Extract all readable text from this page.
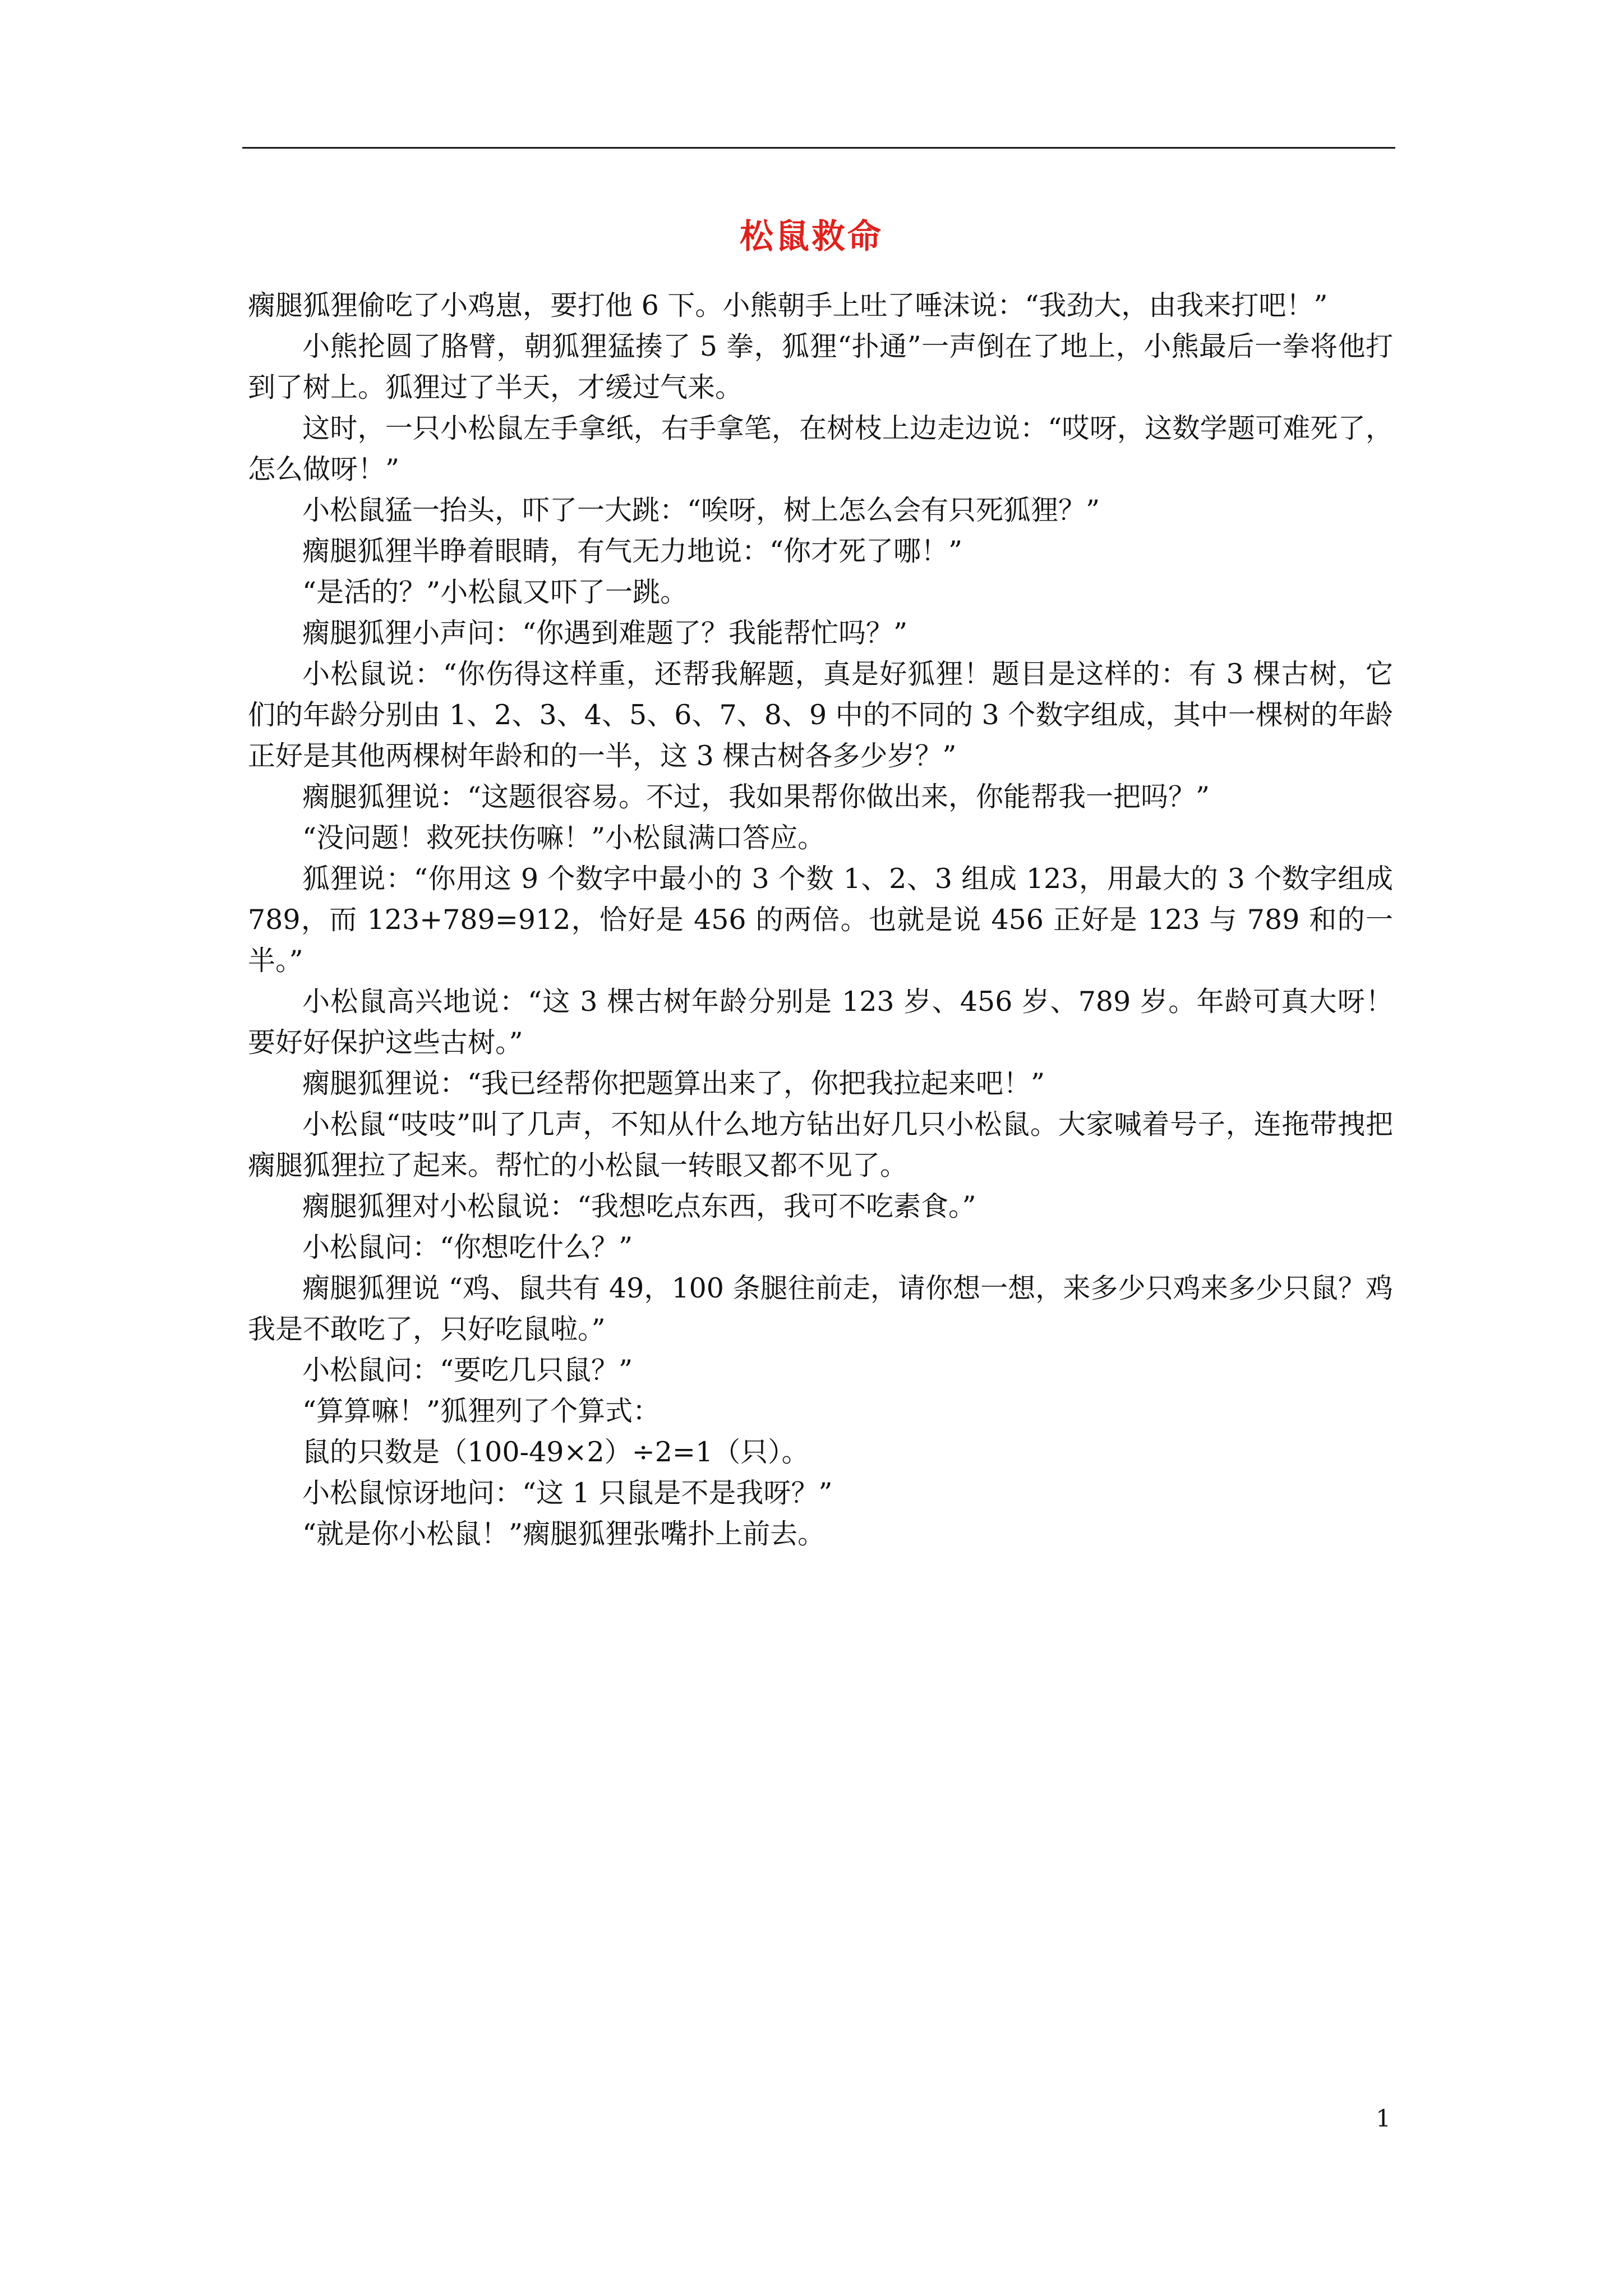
松鼠救命

瘸腿狐狸偷吃了小鸡崽，要打他 6 下。小熊朝手上吐了唾沫说：“我劲大，由我来打吧！”

小熊抡圆了胳臂，朝狐狸猛揍了 5 拳，狐狸“扑通”一声倒在了地上，小熊最后一拳将他打到了树上。狐狸过了半天，才缓过气来。

这时，一只小松鼠左手拿纸，右手拿笔，在树枝上边走边说：“哎呀，这数学题可难死了，怎么做呀！”

小松鼠猛一抬头，吓了一大跳：“唉呀，树上怎么会有只死狐狸？”

瘸腿狐狸半睁着眼睛，有气无力地说：“你才死了哪！”

“是活的？”小松鼠又吓了一跳。

瘸腿狐狸小声问：“你遇到难题了？我能帮忙吗？”

小松鼠说：“你伤得这样重，还帮我解题，真是好狐狸！题目是这样的：有 3 棵古树，它们的年龄分别由 1、2、3、4、5、6、7、8、9 中的不同的 3 个数字组成，其中一棵树的年龄正好是其他两棵树年龄和的一半，这 3 棵古树各多少岁？”

瘸腿狐狸说：“这题很容易。不过，我如果帮你做出来，你能帮我一把吗？”

“没问题！救死扶伤嘛！”小松鼠满口答应。

狐狸说：“你用这 9 个数字中最小的 3 个数 1、2、3 组成 123，用最大的 3 个数字组成 789，而 123+789=912，恰好是 456 的两倍。也就是说 456 正好是 123 与 789 和的一半。”

小松鼠高兴地说：“这 3 棵古树年龄分别是 123 岁、456 岁、789 岁。年龄可真大呀！要好好保护这些古树。”

瘸腿狐狸说：“我已经帮你把题算出来了，你把我拉起来吧！”

小松鼠“吱吱”叫了几声，不知从什么地方钻出好几只小松鼠。大家喊着号子，连拖带拽把瘸腿狐狸拉了起来。帮忙的小松鼠一转眼又都不见了。

瘸腿狐狸对小松鼠说：“我想吃点东西，我可不吃素食。”

小松鼠问：“你想吃什么？”

瘸腿狐狸说 “鸡、鼠共有 49，100 条腿往前走，请你想一想，来多少只鸡来多少只鼠？鸡我是不敢吃了，只好吃鼠啦。”

小松鼠问：“要吃几只鼠？”

“算算嘛！”狐狸列了个算式：

鼠的只数是（100-49×2）÷2=1（只）。

小松鼠惊讶地问：“这 1 只鼠是不是我呀？”

“就是你小松鼠！”瘸腿狐狸张嘴扑上前去。

1
